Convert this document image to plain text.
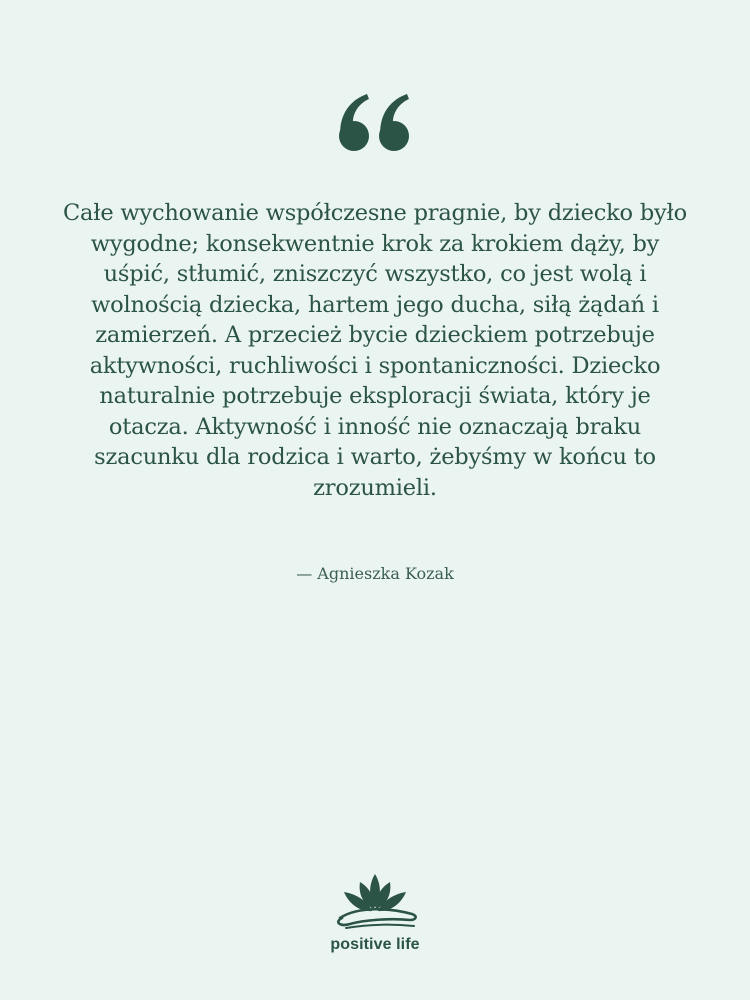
Całe wychowanie współczesne pragnie, by dziecko było wygodne; konsekwentnie krok za krokiem dąży, by uśpić, stłumić, zniszczyć wszystko, co jest wolą i wolnością dziecka, hartem jego ducha, siłą żądań i zamierzeń. A przecież bycie dzieckiem potrzebuje aktywności, ruchliwości i spontaniczności. Dziecko naturalnie potrzebuje eksploracji świata, który je otacza. Aktywność i inność nie oznaczają braku szacunku dla rodzica i warto, żebyśmy w końcu to zrozumieli.

— Agnieszka Kozak
positive life
